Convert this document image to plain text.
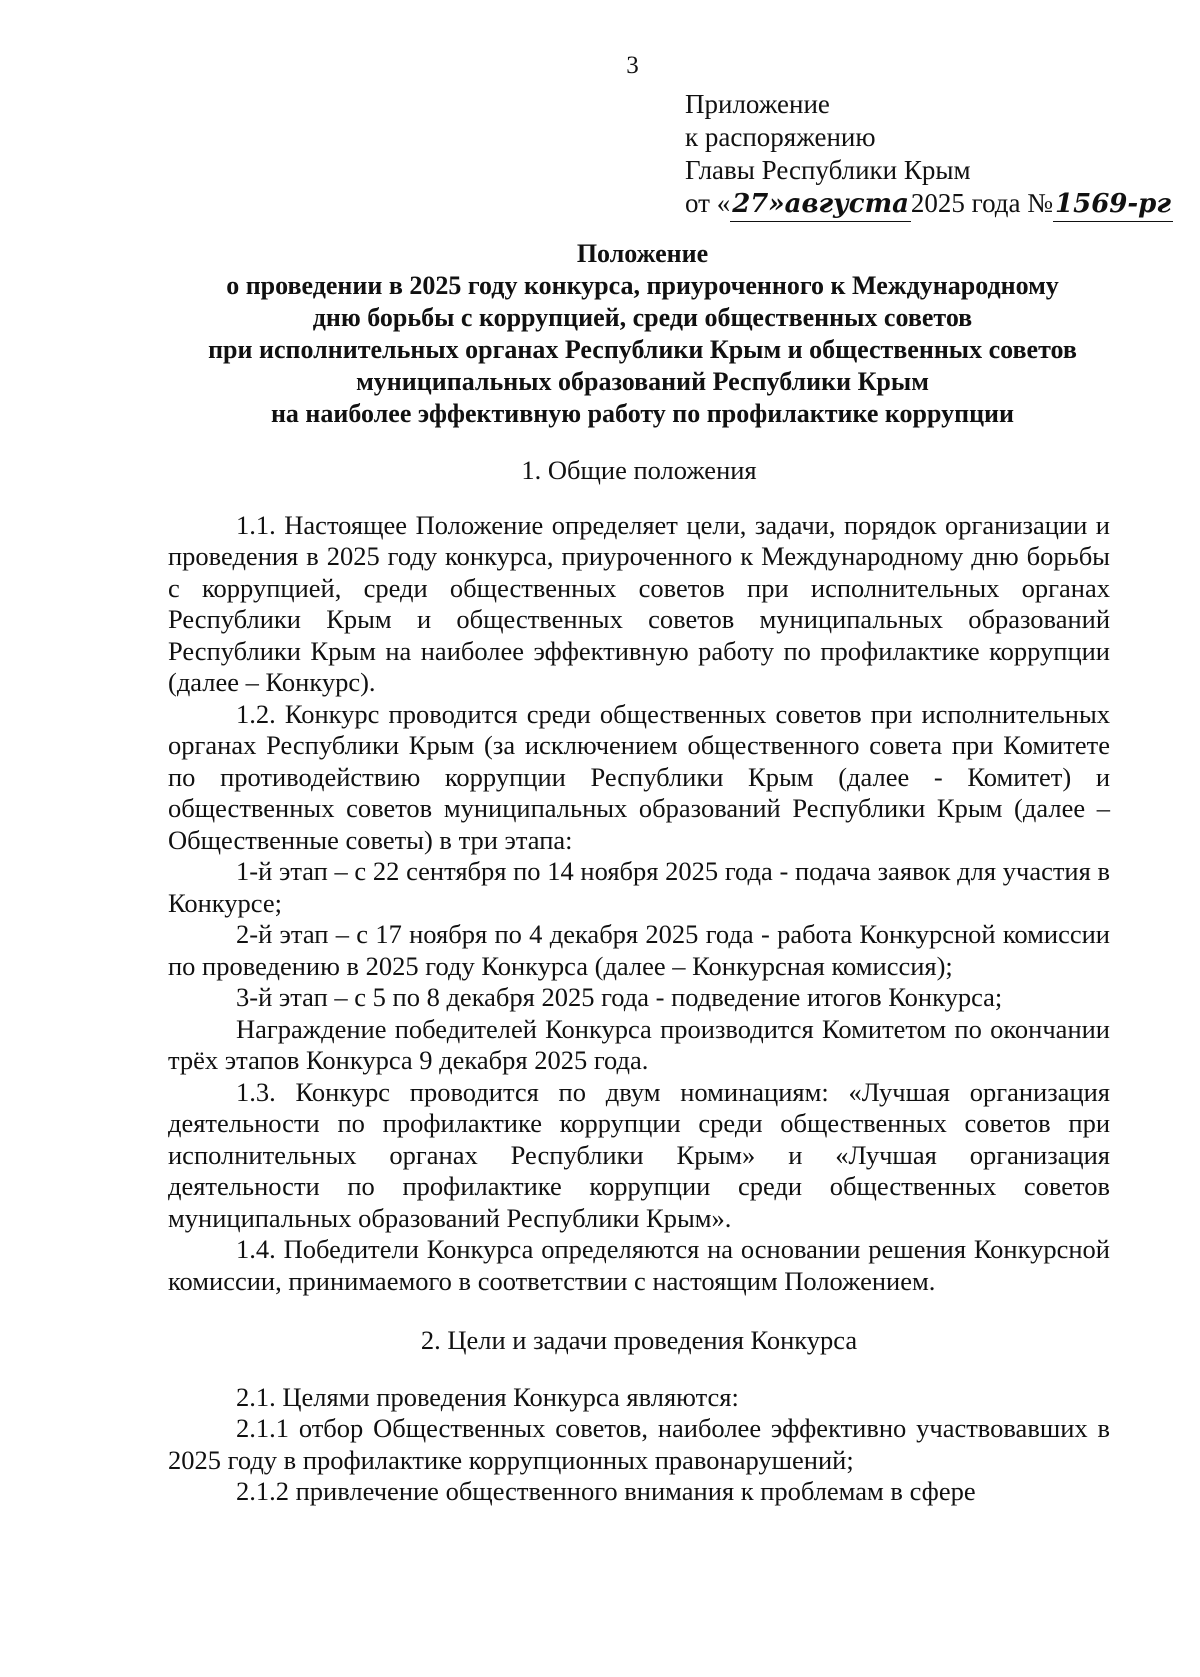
3
Приложение
к распоряжению
Главы Республики Крым
от «27»августа2025 года №1569-рг
Положение
о проведении в 2025 году конкурса, приуроченного к Международному
дню борьбы с коррупцией, среди общественных советов
при исполнительных органах Республики Крым и общественных советов
муниципальных образований Республики Крым
на наиболее эффективную работу по профилактике коррупции
1. Общие положения

1.1. Настоящее Положение определяет цели, задачи, порядок организации и проведения в 2025 году конкурса, приуроченного к Международному дню борьбы с коррупцией, среди общественных советов при исполнительных органах Республики Крым и общественных советов муниципальных образований Республики Крым на наиболее эффективную работу по профилактике коррупции (далее – Конкурс).

1.2. Конкурс проводится среди общественных советов при исполнительных органах Республики Крым (за исключением общественного совета при Комитете по противодействию коррупции Республики Крым (далее - Комитет) и общественных советов муниципальных образований Республики Крым (далее – Общественные советы) в три этапа:

1-й этап – с 22 сентября по 14 ноября 2025 года - подача заявок для участия в Конкурсе;

2-й этап – с 17 ноября по 4 декабря 2025 года - работа Конкурсной комиссии по проведению в 2025 году Конкурса (далее – Конкурсная комиссия);

3-й этап – с 5 по 8 декабря 2025 года - подведение итогов Конкурса;

Награждение победителей Конкурса производится Комитетом по окончании трёх этапов Конкурса 9 декабря 2025 года.

1.3. Конкурс проводится по двум номинациям: «Лучшая организация деятельности по профилактике коррупции среди общественных советов при исполнительных органах Республики Крым» и «Лучшая организация деятельности по профилактике коррупции среди общественных советов муниципальных образований Республики Крым».

1.4. Победители Конкурса определяются на основании решения Конкурсной комиссии, принимаемого в соответствии с настоящим Положением.

2. Цели и задачи проведения Конкурса

2.1. Целями проведения Конкурса являются:

2.1.1 отбор Общественных советов, наиболее эффективно участвовавших в 2025 году в профилактике коррупционных правонарушений;

2.1.2 привлечение общественного внимания к проблемам в сфере
